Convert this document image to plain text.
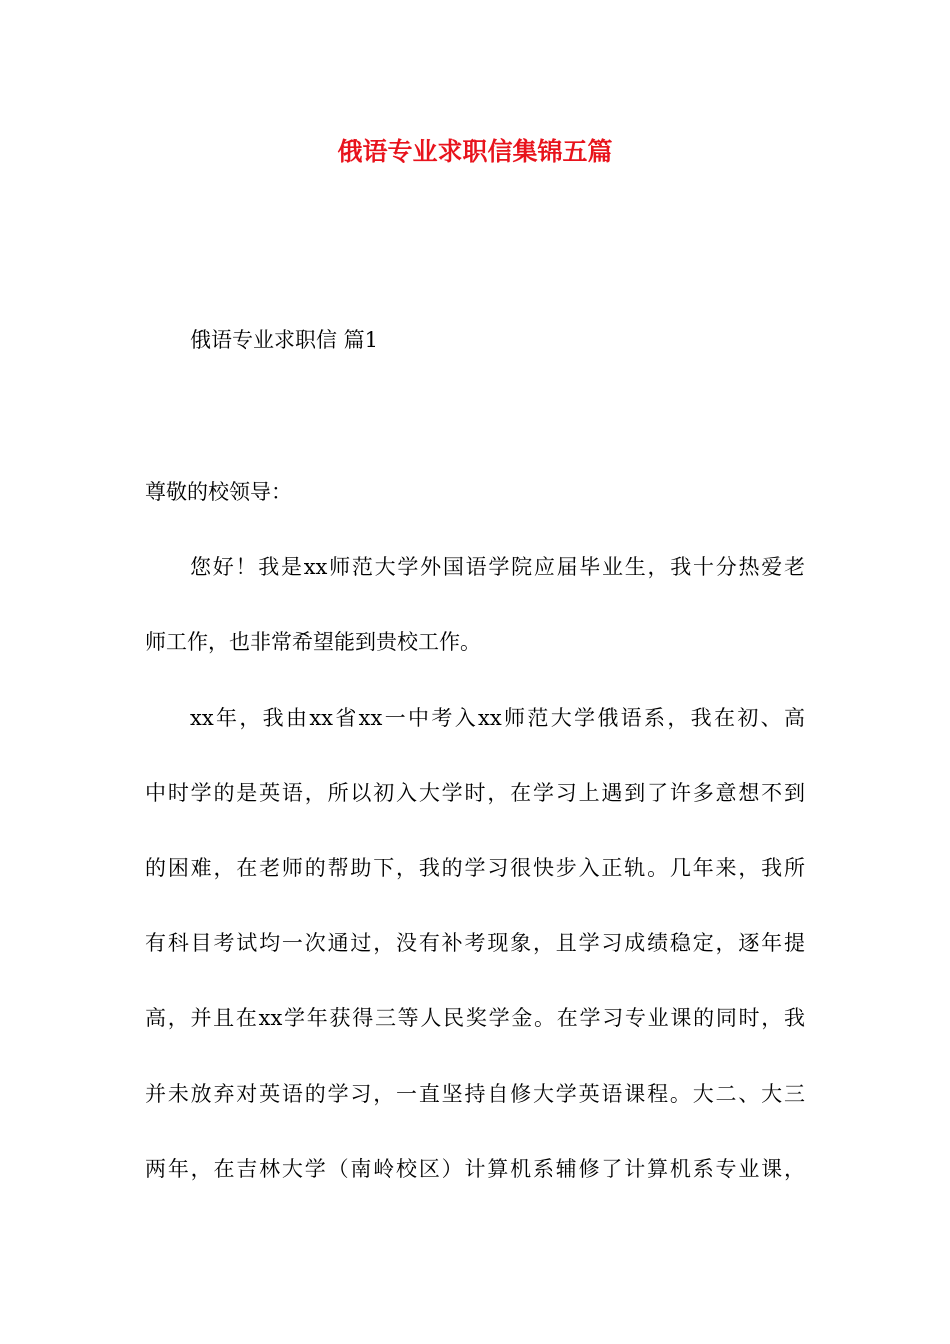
俄语专业求职信集锦五篇
俄语专业求职信 篇1
尊敬的校领导：
您好！我是xx师范大学外国语学院应届毕业生，我十分热爱老
师工作，也非常希望能到贵校工作。
xx年，我由xx省xx一中考入xx师范大学俄语系，我在初、高
中时学的是英语，所以初入大学时，在学习上遇到了许多意想不到
的困难，在老师的帮助下，我的学习很快步入正轨。几年来，我所
有科目考试均一次通过，没有补考现象，且学习成绩稳定，逐年提
高，并且在xx学年获得三等人民奖学金。在学习专业课的同时，我
并未放弃对英语的学习，一直坚持自修大学英语课程。大二、大三
两年，在吉林大学（南岭校区）计算机系辅修了计算机系专业课，
